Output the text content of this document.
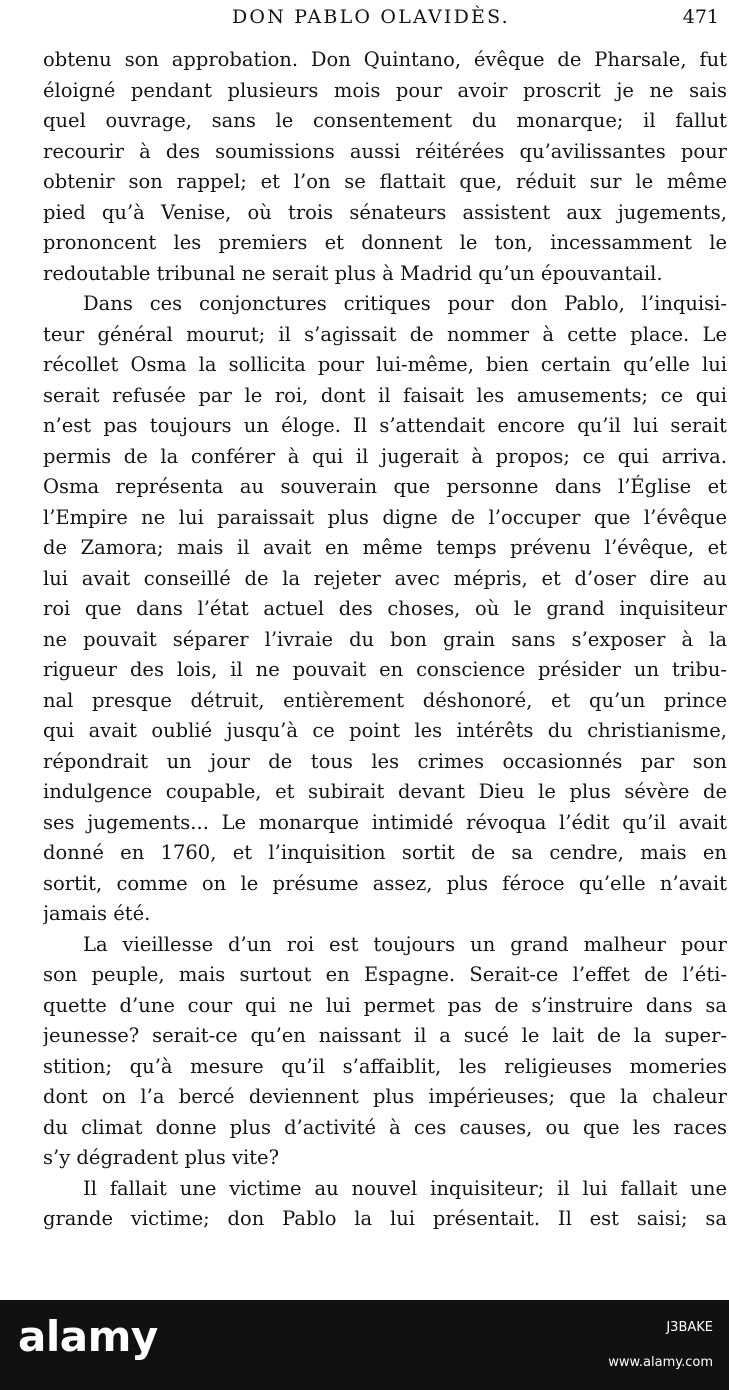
DON PABLO OLAVIDÈS.	471
obtenu son approbation. Don Quintano, évêque de Pharsale, fut
éloigné pendant plusieurs mois pour avoir proscrit je ne sais
quel ouvrage, sans le consentement du monarque; il fallut
recourir à des soumissions aussi réitérées qu’avilissantes pour
obtenir son rappel; et l’on se flattait que, réduit sur le même
pied qu’à Venise, où trois sénateurs assistent aux jugements,
prononcent les premiers et donnent le ton, incessamment le
redoutable tribunal ne serait plus à Madrid qu’un épouvantail.
Dans ces conjonctures critiques pour don Pablo, l’inquisi-
teur général mourut; il s’agissait de nommer à cette place. Le
récollet Osma la sollicita pour lui-même, bien certain qu’elle lui
serait refusée par le roi, dont il faisait les amusements; ce qui
n’est pas toujours un éloge. Il s’attendait encore qu’il lui serait
permis de la conférer à qui il jugerait à propos; ce qui arriva.
Osma représenta au souverain que personne dans l’Église et
l’Empire ne lui paraissait plus digne de l’occuper que l’évêque
de Zamora; mais il avait en même temps prévenu l’évêque, et
lui avait conseillé de la rejeter avec mépris, et d’oser dire au
roi que dans l’état actuel des choses, où le grand inquisiteur
ne pouvait séparer l’ivraie du bon grain sans s’exposer à la
rigueur des lois, il ne pouvait en conscience présider un tribu-
nal presque détruit, entièrement déshonoré, et qu’un prince
qui avait oublié jusqu’à ce point les intérêts du christianisme,
répondrait un jour de tous les crimes occasionnés par son
indulgence coupable, et subirait devant Dieu le plus sévère de
ses jugements... Le monarque intimidé révoqua l’édit qu’il avait
donné en 1760, et l’inquisition sortit de sa cendre, mais en
sortit, comme on le présume assez, plus féroce qu’elle n’avait
jamais été.
La vieillesse d’un roi est toujours un grand malheur pour
son peuple, mais surtout en Espagne. Serait-ce l’effet de l’éti-
quette d’une cour qui ne lui permet pas de s’instruire dans sa
jeunesse? serait-ce qu’en naissant il a sucé le lait de la super-
stition; qu’à mesure qu’il s’affaiblit, les religieuses momeries
dont on l’a bercé deviennent plus impérieuses; que la chaleur
du climat donne plus d’activité à ces causes, ou que les races
s’y dégradent plus vite?
Il fallait une victime au nouvel inquisiteur; il lui fallait une
grande victime; don Pablo la lui présentait. Il est saisi; sa
alamy	J3BAKE
www.alamy.com
